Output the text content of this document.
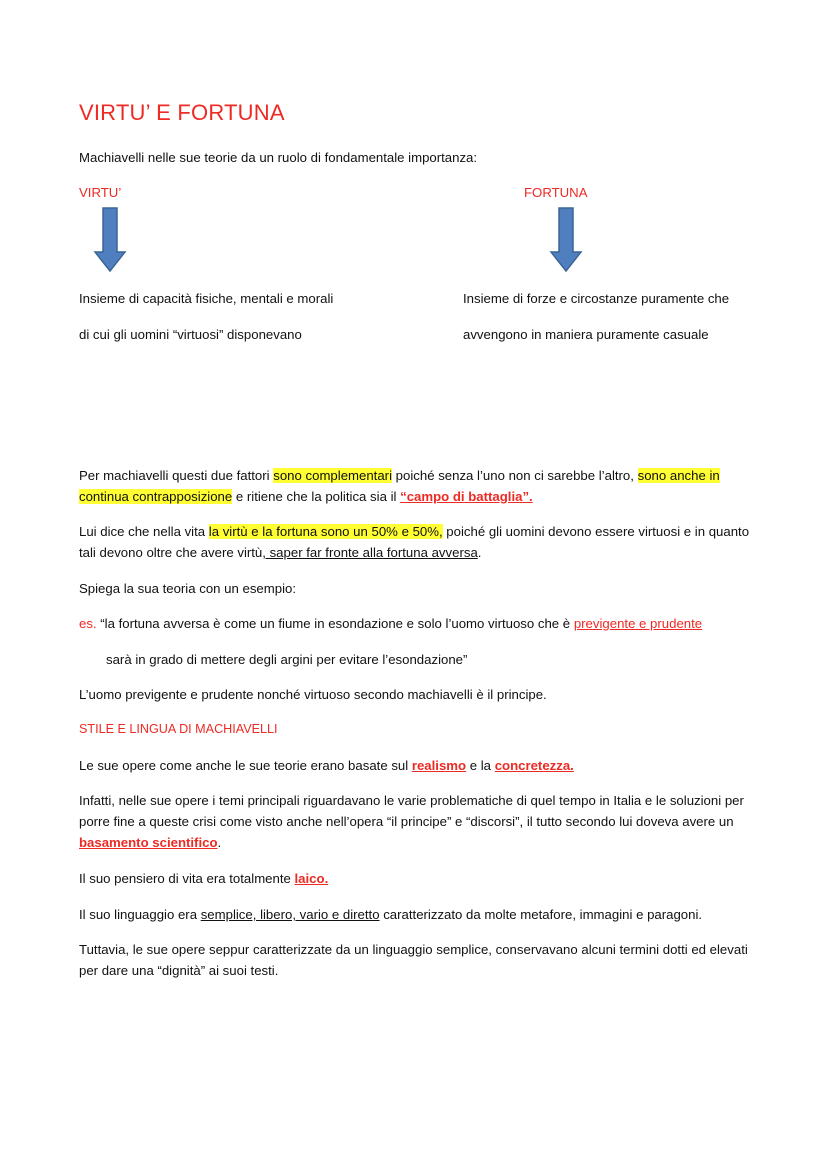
VIRTU’ E FORTUNA
Machiavelli nelle sue teorie da un ruolo di fondamentale importanza:
VIRTU’	FORTUNA
Insieme di capacità fisiche, mentali e morali
di cui gli uomini “virtuosi” disponevano
Insieme di forze e circostanze puramente che
avvengono in maniera puramente casuale
Per machiavelli questi due fattori sono complementari poiché senza l’uno non ci sarebbe l’altro, sono anche in continua contrapposizione e ritiene che la politica sia il “campo di battaglia”.
Lui dice che nella vita la virtù e la fortuna sono un 50% e 50%, poiché gli uomini devono essere virtuosi e in quanto tali devono oltre che avere virtù, saper far fronte alla fortuna avversa.
Spiega la sua teoria con un esempio:
es. “la fortuna avversa è come un fiume in esondazione e solo l’uomo virtuoso che è previgente e prudente
sarà in grado di mettere degli argini per evitare l’esondazione”
L’uomo previgente e prudente nonché virtuoso secondo machiavelli è il principe.
STILE E LINGUA DI MACHIAVELLI
Le sue opere come anche le sue teorie erano basate sul realismo e la concretezza.
Infatti, nelle sue opere i temi principali riguardavano le varie problematiche di quel tempo in Italia e le soluzioni per porre fine a queste crisi come visto anche nell’opera “il principe” e “discorsi”, il tutto secondo lui doveva avere un basamento scientifico.
Il suo pensiero di vita era totalmente laico.
Il suo linguaggio era semplice, libero, vario e diretto caratterizzato da molte metafore, immagini e paragoni.
Tuttavia, le sue opere seppur caratterizzate da un linguaggio semplice, conservavano alcuni termini dotti ed elevati per dare una “dignità” ai suoi testi.
